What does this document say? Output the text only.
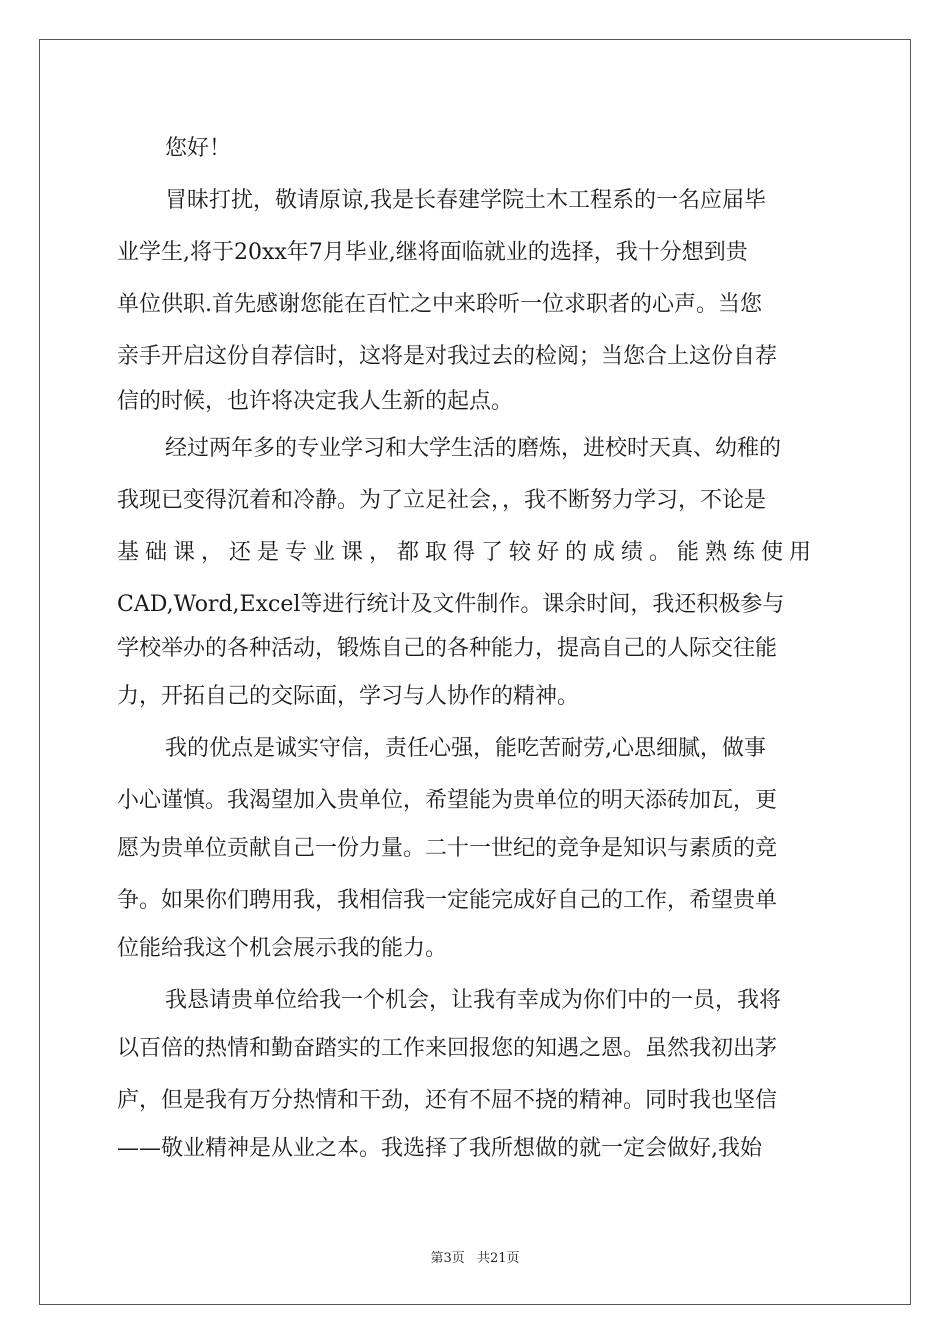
您好！
冒昧打扰，敬请原谅,我是长春建学院土木工程系的一名应届毕
业学生,将于20xx年7月毕业,继将面临就业的选择，我十分想到贵
单位供职.首先感谢您能在百忙之中来聆听一位求职者的心声。当您
亲手开启这份自荐信时，这将是对我过去的检阅；当您合上这份自荐
信的时候，也许将决定我人生新的起点。
经过两年多的专业学习和大学生活的磨炼，进校时天真、幼稚的
我现已变得沉着和冷静。为了立足社会，，我不断努力学习，不论是
基础课，还是专业课，都取得了较好的成绩。能熟练使用
CAD,Word,Excel等进行统计及文件制作。课余时间，我还积极参与
学校举办的各种活动，锻炼自己的各种能力，提高自己的人际交往能
力，开拓自己的交际面，学习与人协作的精神。
我的优点是诚实守信，责任心强，能吃苦耐劳,心思细腻，做事
小心谨慎。我渴望加入贵单位，希望能为贵单位的明天添砖加瓦，更
愿为贵单位贡献自己一份力量。二十一世纪的竞争是知识与素质的竞
争。如果你们聘用我，我相信我一定能完成好自己的工作，希望贵单
位能给我这个机会展示我的能力。
我恳请贵单位给我一个机会，让我有幸成为你们中的一员，我将
以百倍的热情和勤奋踏实的工作来回报您的知遇之恩。虽然我初出茅
庐，但是我有万分热情和干劲，还有不屈不挠的精神。同时我也坚信
——敬业精神是从业之本。我选择了我所想做的就一定会做好,我始
第3页 共21页
